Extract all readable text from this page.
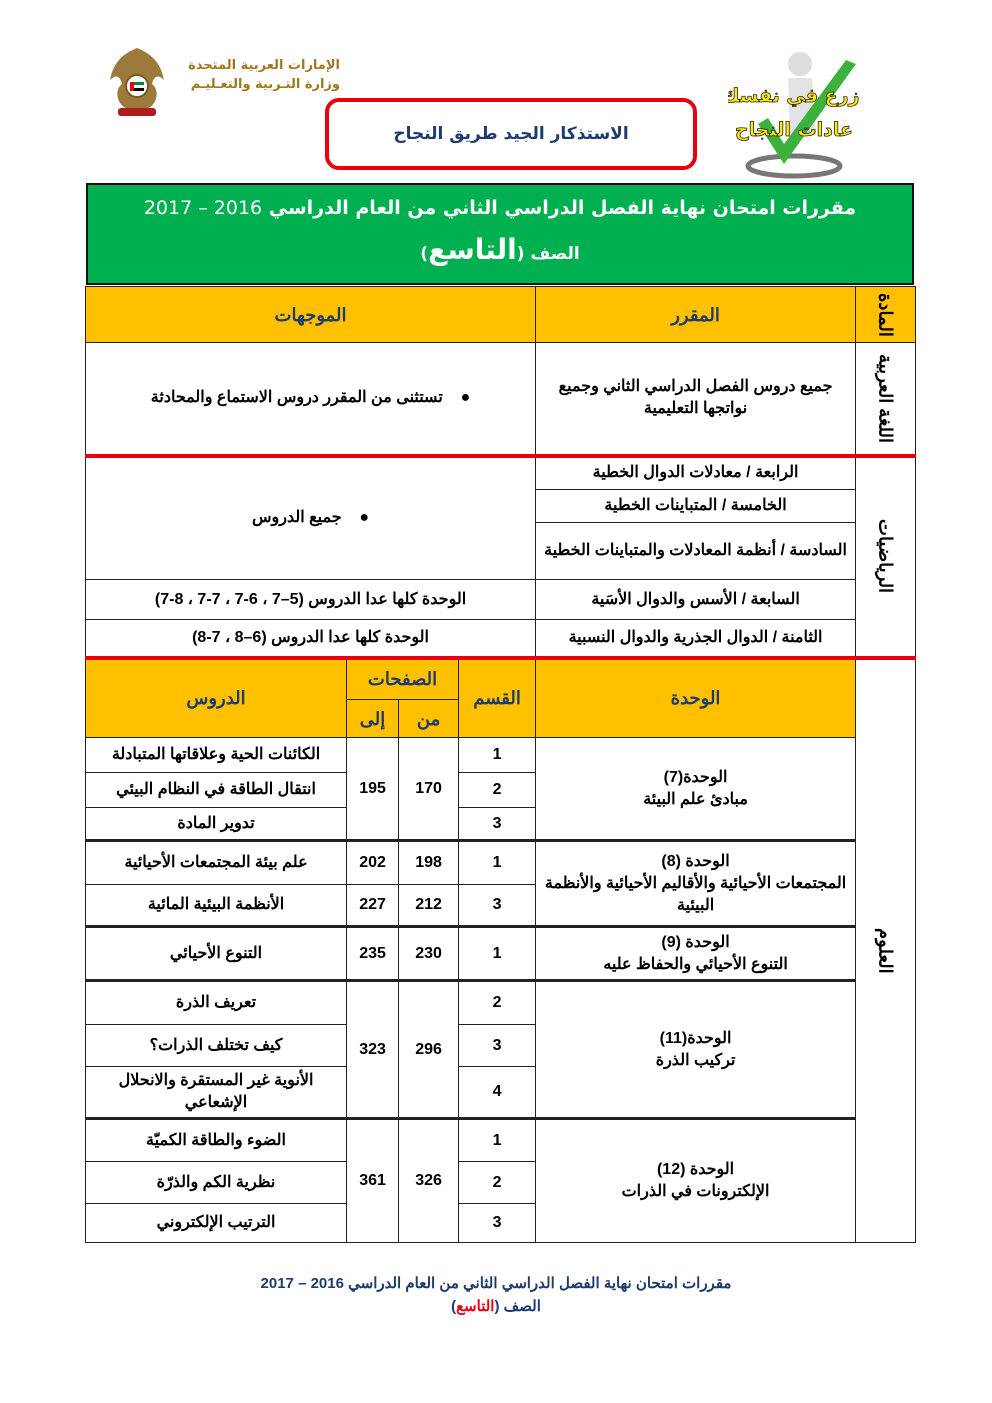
الإمارات العربية المتحدة
وزارة التـربية والتعـليـم
الاستذكار الجيد طريق النجاح
إزرع في نفسك
عادات النجاح
مقررات امتحان نهاية الفصل الدراسي الثاني من العام الدراسي 2016 – 2017
الصف (التاسع)
المادة	المقرر	الموجهات			
اللغة العربية	جميع دروس الفصل الدراسي الثاني وجميع نواتجها التعليمية	●    تستثنى من المقرر دروس الاستماع والمحادثة			
الرياضيات	الرابعة / معادلات الدوال الخطية	●    جميع الدروس			
	الخامسة / المتباينات الخطية				
	السادسة / أنظمة المعادلات والمتباينات الخطية				
	السابعة / الأسس والدوال الأسَية	الوحدة كلها عدا الدروس (5–7 ، 6-7 ، 7-7 ، 8-7)			
	الثامنة / الدوال الجذرية والدوال النسبية	الوحدة كلها عدا الدروس (6–8 ، 7-8)			
العلوم	الوحدة	القسم	الصفحات		الدروس
			من	إلى	

	الوحدة(7)
مبادئ علم البيئة	1	170	195	الكائنات الحية وعلاقاتها المتبادلة
		2			انتقال الطاقة في النظام البيئي
		3			تدوير المادة

	الوحدة (8)
المجتمعات الأحيائية والأقاليم الأحيائية والأنظمة البيئية	1	198	202	علم بيئة المجتمعات الأحيائية
		3	212	227	الأنظمة البيئية المائية

	الوحدة (9)
التنوع الأحيائي والحفاظ عليه	1	230	235	التنوع الأحيائي

	الوحدة(11)
تركيب الذرة	2	296	323	تعريف الذرة
		3			كيف تختلف الذرات؟
		4			الأنوية غير المستقرة والانحلال الإشعاعي

	الوحدة (12)
الإلكترونات في الذرات	1	326	361	الضوء والطاقة الكميّة
		2			نظرية الكم والذرّة
		3			الترتيب الإلكتروني
مقررات امتحان نهاية الفصل الدراسي الثاني من العام الدراسي 2016 – 2017
الصف (التاسع)
